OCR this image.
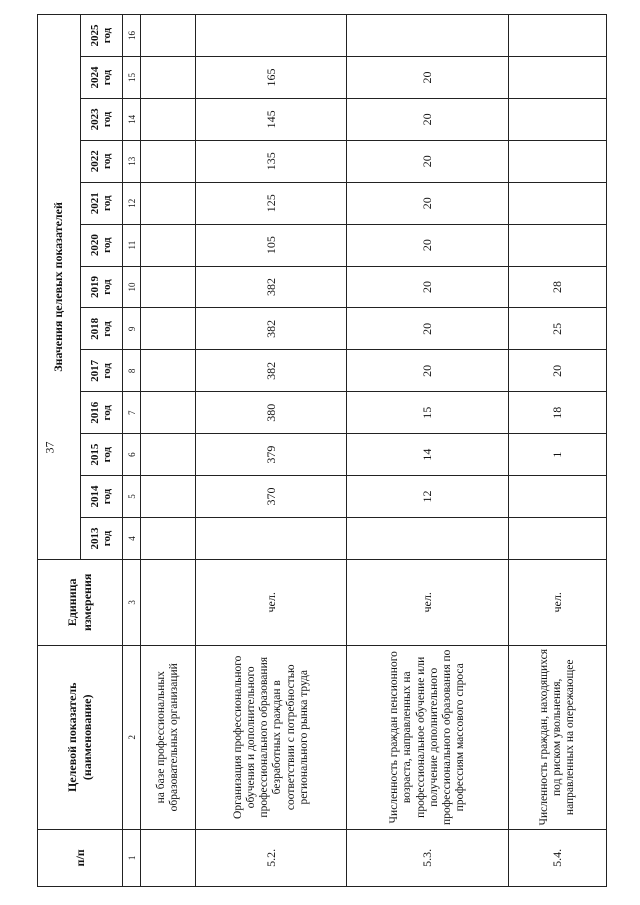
37
п/п	Целевой показатель (наименование)	Единица измерения	Значения целевых показателей												
			2013 год	2014 год	2015 год	2016 год	2017 год	2018 год	2019 год	2020 год	2021 год	2022 год	2023 год	2024 год	2025 год
1	2	3	4	5	6	7	8	9	10	11	12	13	14	15	16
	на базе профессиональных образовательных организаций														
5.2.	Организация профессионального обучения и дополнительного профессионального образования безработных граждан в соответствии с потребностью регионального рынка труда	чел.		370	379	380	382	382	382	105	125	135	145	165	
5.3.	Численность граждан пенсионного возраста, направленных на профессиональное обучение или получение дополнительного профессионального образования по профессиям массового спроса	чел.		12	14	15	20	20	20	20	20	20	20	20	
5.4.	Численность граждан, находящихся под риском увольнения, направленных на опережающее	чел.			1	18	20	25	28						
